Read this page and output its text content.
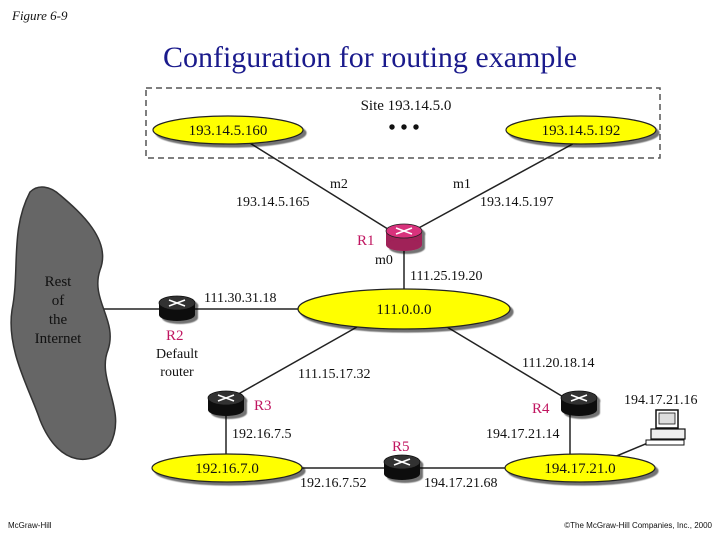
Figure 6-9
Configuration for routing example
Site 193.14.5.0
193.14.5.160	• • •	193.14.5.192
m2
193.14.5.165
m1
193.14.5.197
R1
m0
111.25.19.20
111.0.0.0
Rest
of
the
Internet
111.30.31.18
R2
Default
router	111.15.17.32
R3
192.16.7.5
111.20.18.14
R4
194.17.21.14
194.17.21.16
192.16.7.0	194.17.21.0
R5
192.16.7.52	194.17.21.68
McGraw-Hill	©The McGraw-Hill Companies, Inc., 2000
